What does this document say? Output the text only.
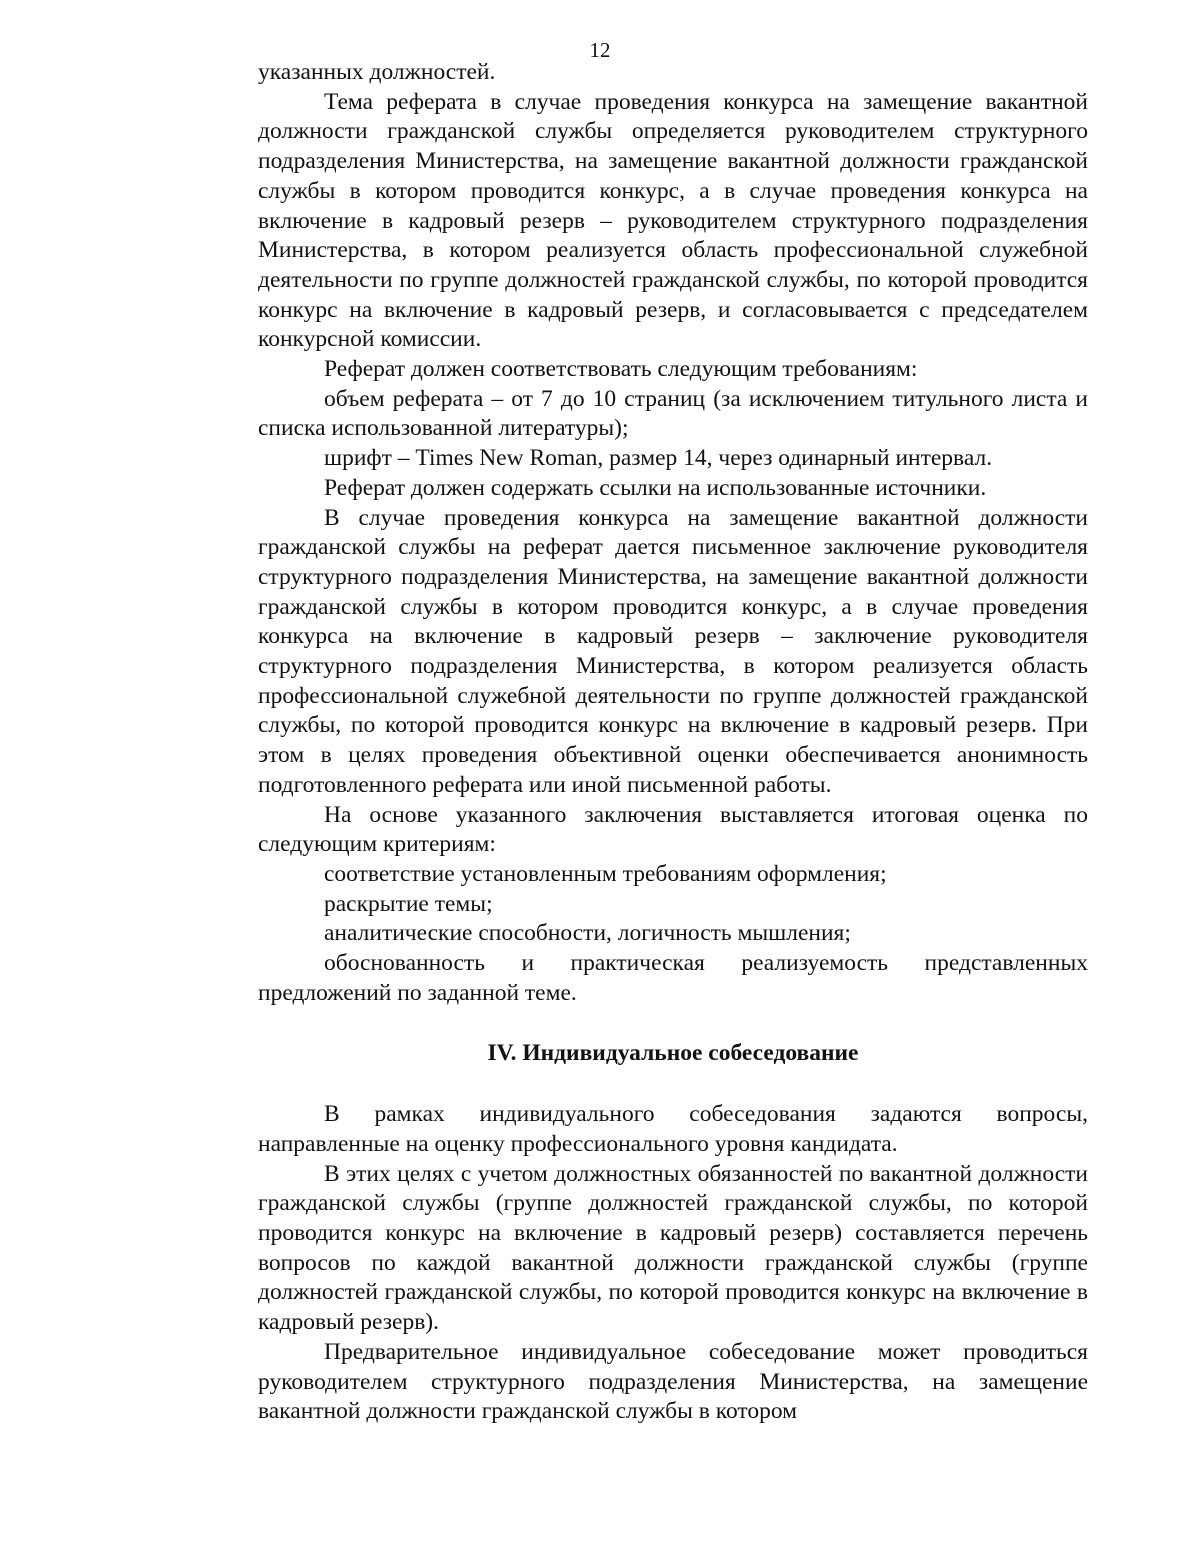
12

указанных должностей.

Тема реферата в случае проведения конкурса на замещение вакантной должности гражданской службы определяется руководителем структурного подразделения Министерства, на замещение вакантной должности гражданской службы в котором проводится конкурс, а в случае проведения конкурса на включение в кадровый резерв – руководителем структурного подразделения Министерства, в котором реализуется область профессиональной служебной деятельности по группе должностей гражданской службы, по которой проводится конкурс на включение в кадровый резерв, и согласовывается с председателем конкурсной комиссии.

Реферат должен соответствовать следующим требованиям:

объем реферата – от 7 до 10 страниц (за исключением титульного листа и списка использованной литературы);

шрифт – Times New Roman, размер 14, через одинарный интервал.

Реферат должен содержать ссылки на использованные источники.

В случае проведения конкурса на замещение вакантной должности гражданской службы на реферат дается письменное заключение руководителя структурного подразделения Министерства, на замещение вакантной должности гражданской службы в котором проводится конкурс, а в случае проведения конкурса на включение в кадровый резерв – заключение руководителя структурного подразделения Министерства, в котором реализуется область профессиональной служебной деятельности по группе должностей гражданской службы, по которой проводится конкурс на включение в кадровый резерв. При этом в целях проведения объективной оценки обеспечивается анонимность подготовленного реферата или иной письменной работы.

На основе указанного заключения выставляется итоговая оценка по следующим критериям:

соответствие установленным требованиям оформления;

раскрытие темы;

аналитические способности, логичность мышления;

обоснованность и практическая реализуемость представленных предложений по заданной теме.

IV. Индивидуальное собеседование

В рамках индивидуального собеседования задаются вопросы, направленные на оценку профессионального уровня кандидата.

В этих целях с учетом должностных обязанностей по вакантной должности гражданской службы (группе должностей гражданской службы, по которой проводится конкурс на включение в кадровый резерв) составляется перечень вопросов по каждой вакантной должности гражданской службы (группе должностей гражданской службы, по которой проводится конкурс на включение в кадровый резерв).

Предварительное индивидуальное собеседование может проводиться руководителем структурного подразделения Министерства, на замещение вакантной должности гражданской службы в котором
